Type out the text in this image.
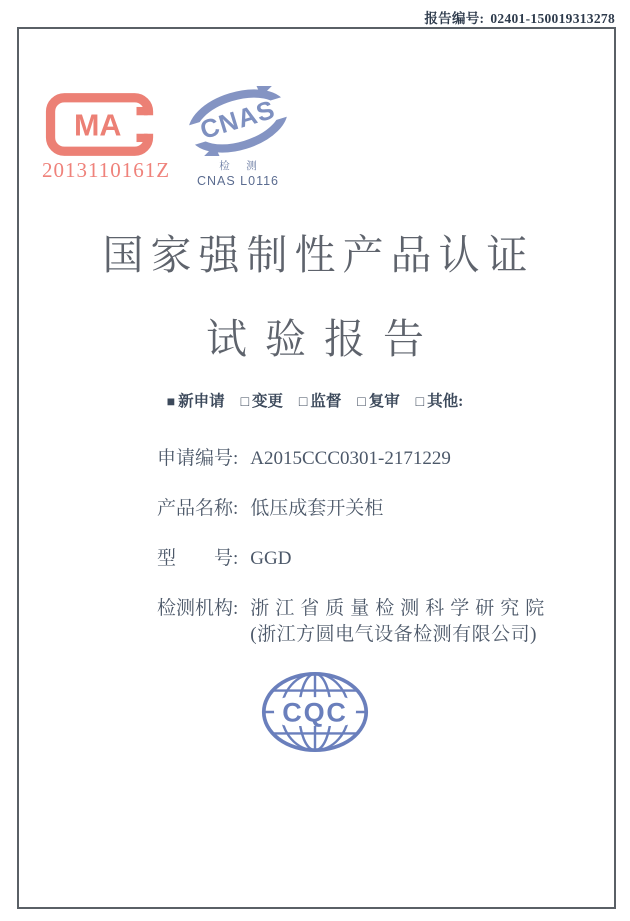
报告编号: 02401-150019313278
MA
2013110161Z
CNAS
检 测
CNAS L0116
国家强制性产品认证
试验报告
■ 新申请 □ 变更 □ 监督 □ 复审 □ 其他:
申请编号: A2015CCC0301-2171229
产品名称: 低压成套开关柜
型　　号: GGD
检测机构: 浙江省质量检测科学研究院
(浙江方圆电气设备检测有限公司)
CQC
